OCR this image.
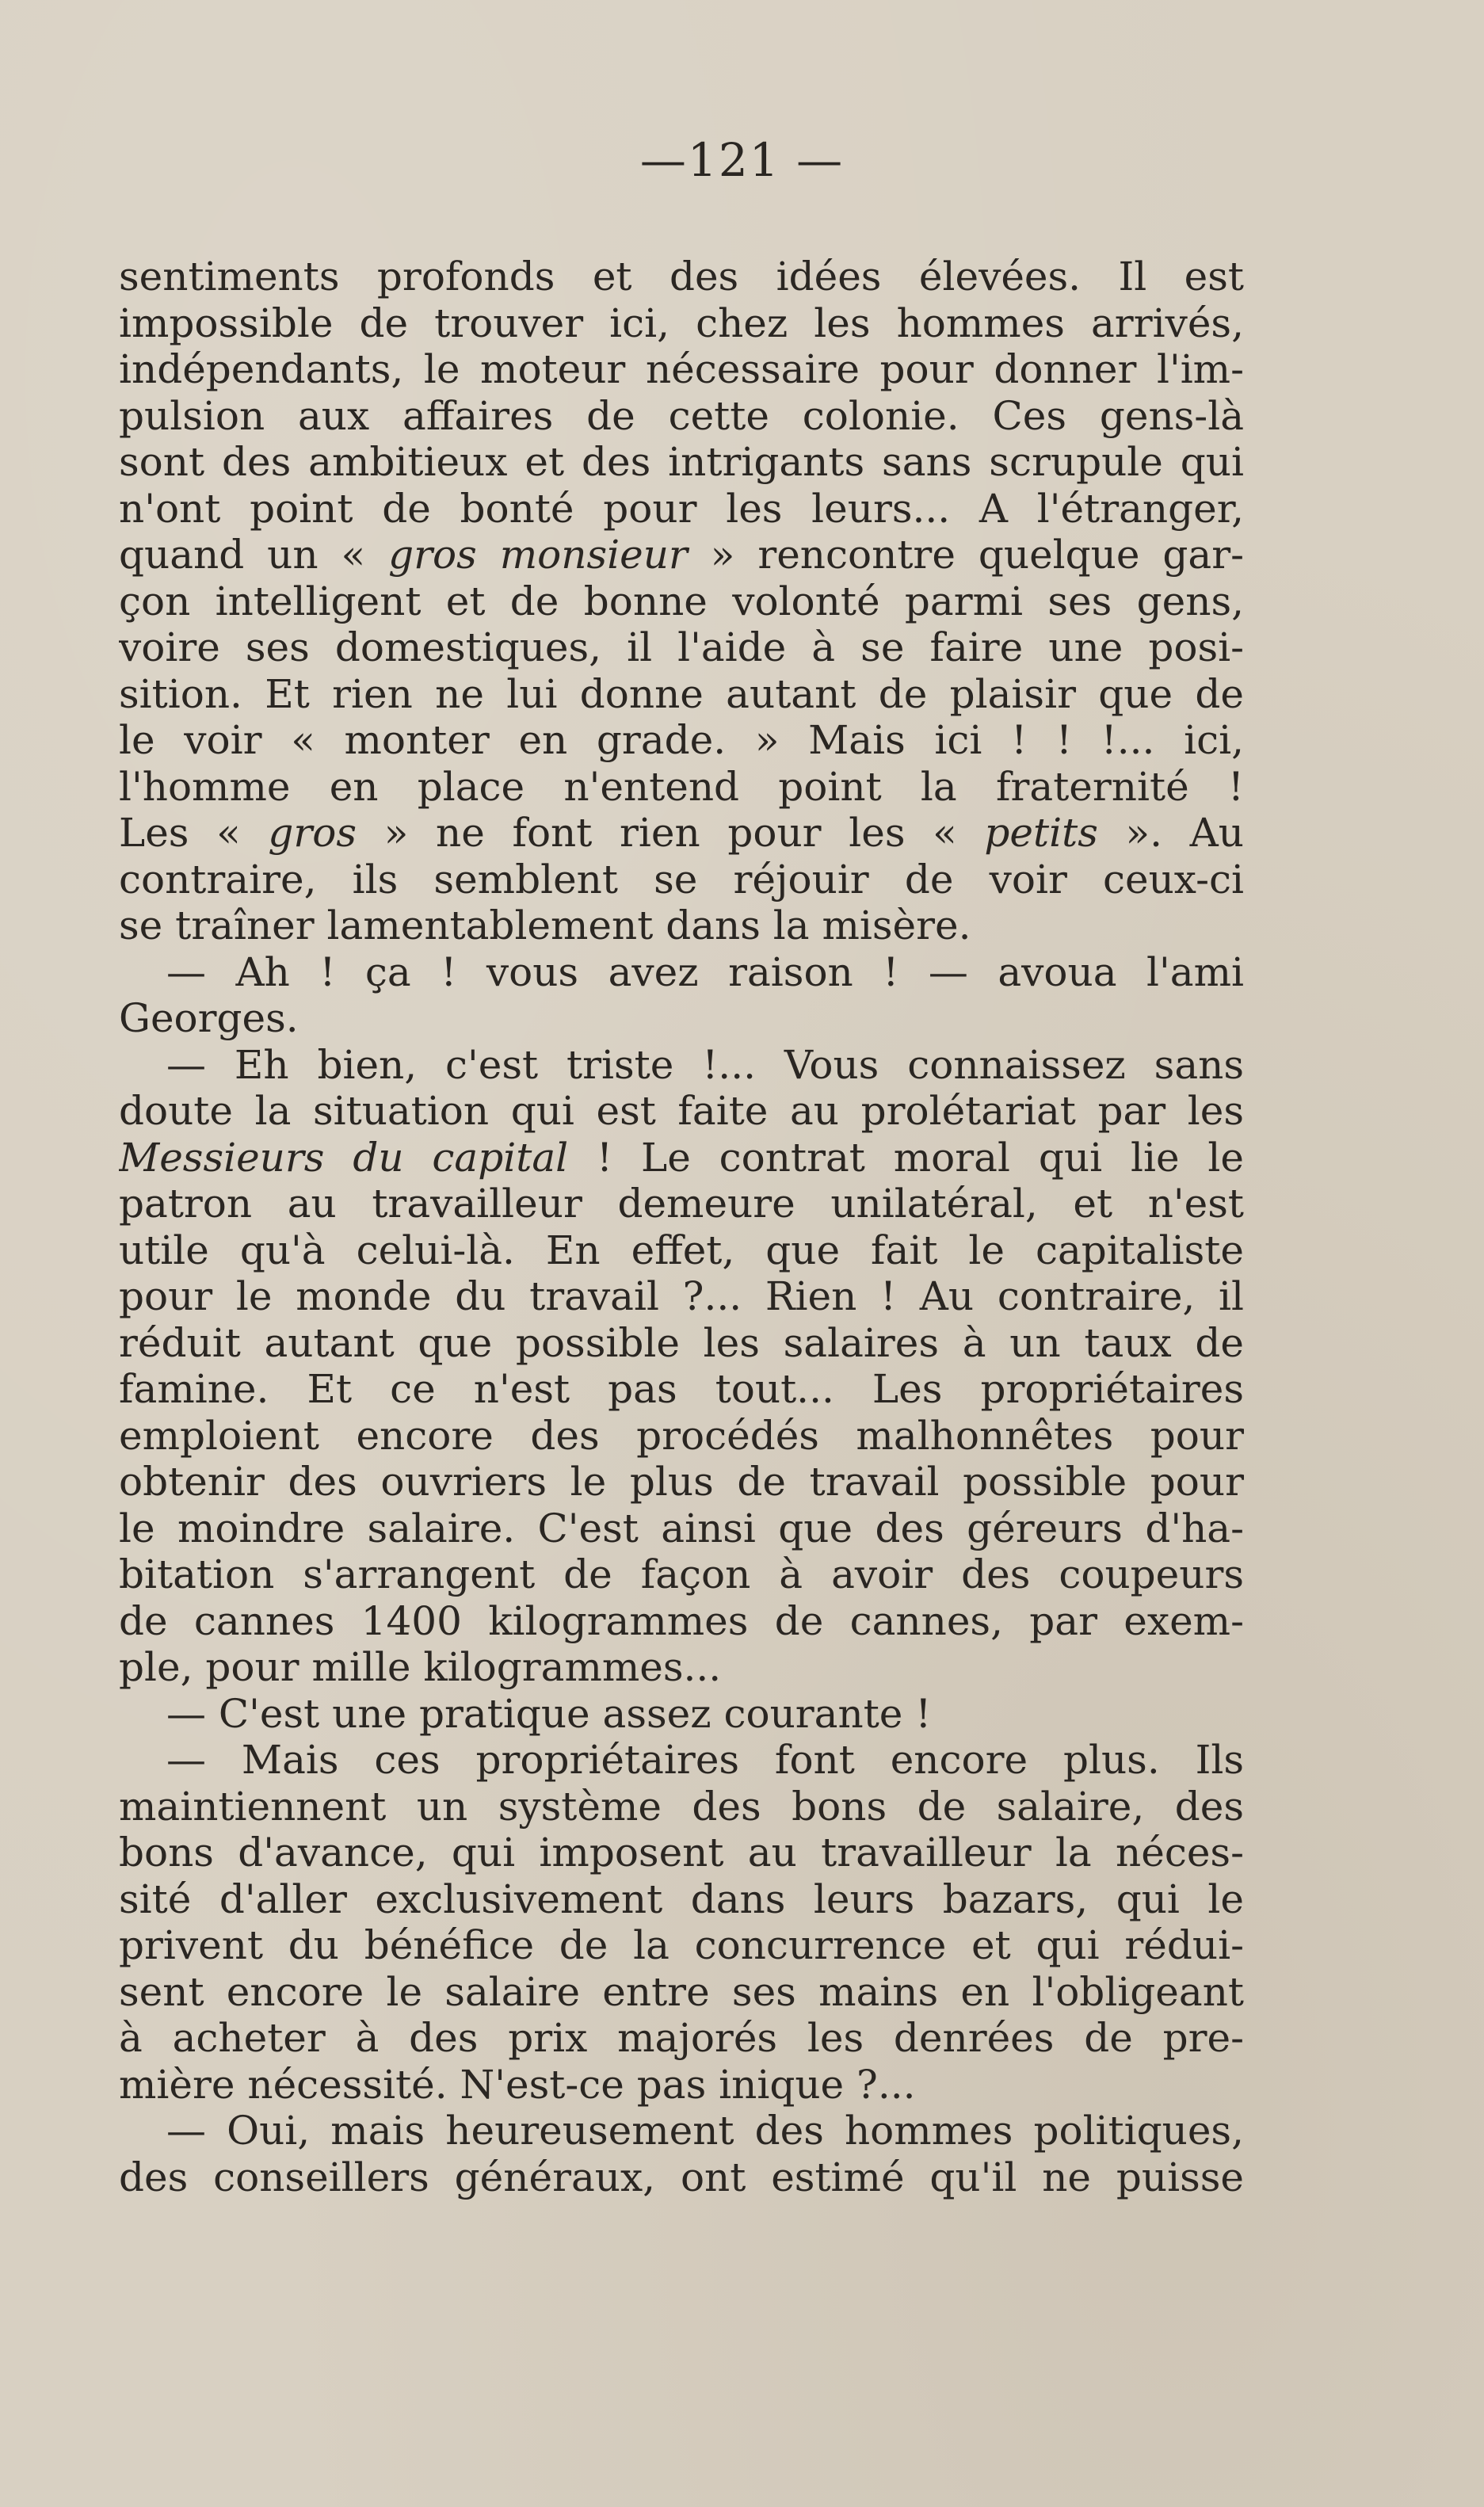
—121 —
sentiments profonds et des idées élevées. Il est
impossible de trouver ici, chez les hommes arrivés,
indépendants, le moteur nécessaire pour donner l'im-
pulsion aux affaires de cette colonie. Ces gens-là
sont des ambitieux et des intrigants sans scrupule qui
n'ont point de bonté pour les leurs... A l'étranger,
quand un « gros monsieur » rencontre quelque gar-
çon intelligent et de bonne volonté parmi ses gens,
voire ses domestiques, il l'aide à se faire une posi-
sition. Et rien ne lui donne autant de plaisir que de
le voir « monter en grade. » Mais ici ! ! !... ici,
l'homme en place n'entend point la fraternité !
Les « gros » ne font rien pour les « petits ». Au
contraire, ils semblent se réjouir de voir ceux-ci
se traîner lamentablement dans la misère.
— Ah ! ça ! vous avez raison ! — avoua l'ami
Georges.
— Eh bien, c'est triste !... Vous connaissez sans
doute la situation qui est faite au prolétariat par les
Messieurs du capital ! Le contrat moral qui lie le
patron au travailleur demeure unilatéral, et n'est
utile qu'à celui-là. En effet, que fait le capitaliste
pour le monde du travail ?... Rien ! Au contraire, il
réduit autant que possible les salaires à un taux de
famine. Et ce n'est pas tout... Les propriétaires
emploient encore des procédés malhonnêtes pour
obtenir des ouvriers le plus de travail possible pour
le moindre salaire. C'est ainsi que des géreurs d'ha-
bitation s'arrangent de façon à avoir des coupeurs
de cannes 1400 kilogrammes de cannes, par exem-
ple, pour mille kilogrammes...
— C'est une pratique assez courante !
— Mais ces propriétaires font encore plus. Ils
maintiennent un système des bons de salaire, des
bons d'avance, qui imposent au travailleur la néces-
sité d'aller exclusivement dans leurs bazars, qui le
privent du bénéfice de la concurrence et qui rédui-
sent encore le salaire entre ses mains en l'obligeant
à acheter à des prix majorés les denrées de pre-
mière nécessité. N'est-ce pas inique ?...
— Oui, mais heureusement des hommes politiques,
des conseillers généraux, ont estimé qu'il ne puisse
